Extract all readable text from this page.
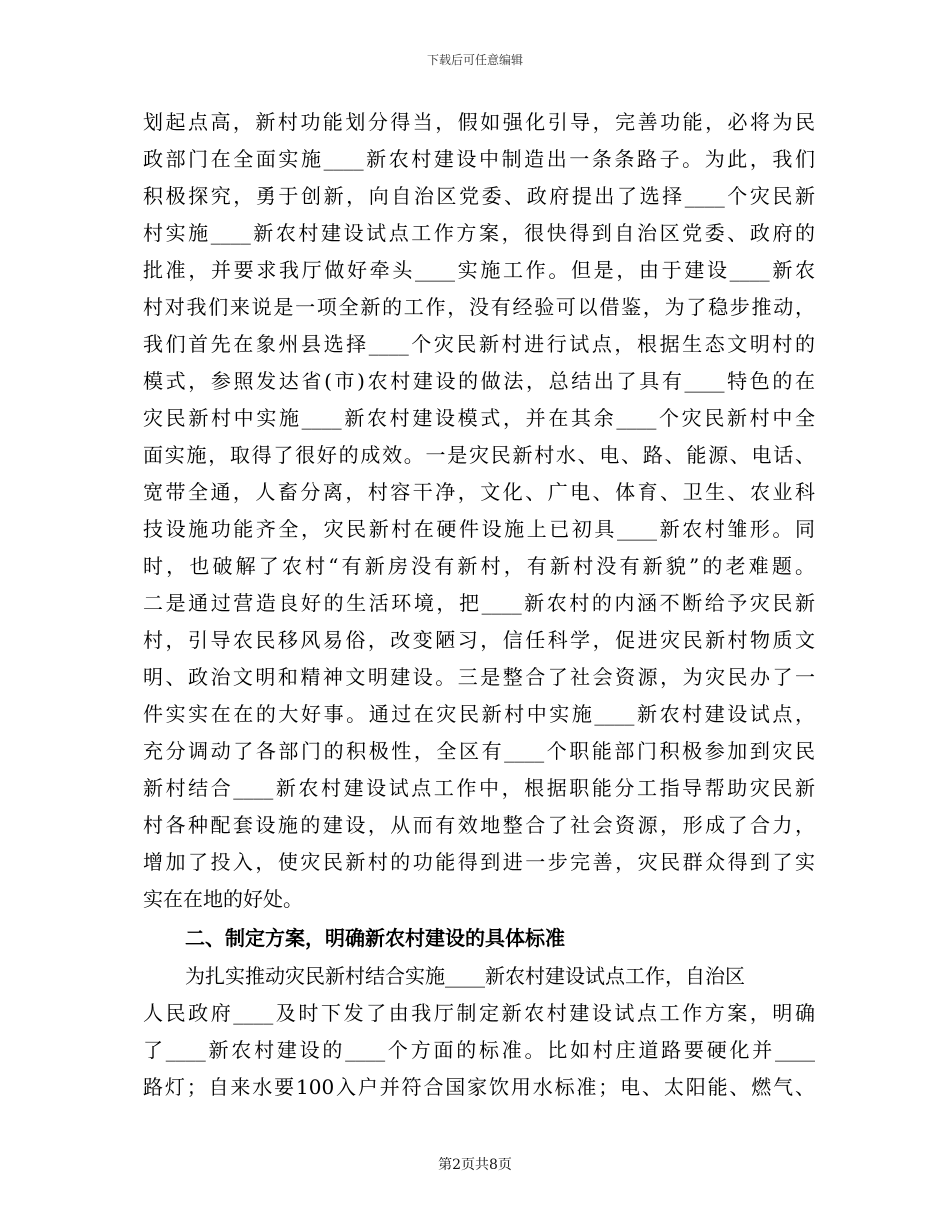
下载后可任意编辑
划起点高，新村功能划分得当，假如强化引导，完善功能，必将为民
政部门在全面实施____新农村建设中制造出一条条路子。为此，我们
积极探究，勇于创新，向自治区党委、政府提出了选择____个灾民新
村实施____新农村建设试点工作方案，很快得到自治区党委、政府的
批准，并要求我厅做好牵头____实施工作。但是，由于建设____新农
村对我们来说是一项全新的工作，没有经验可以借鉴，为了稳步推动，
我们首先在象州县选择____个灾民新村进行试点，根据生态文明村的
模式，参照发达省(市)农村建设的做法，总结出了具有____特色的在
灾民新村中实施____新农村建设模式，并在其余____个灾民新村中全
面实施，取得了很好的成效。一是灾民新村水、电、路、能源、电话、
宽带全通，人畜分离，村容干净，文化、广电、体育、卫生、农业科
技设施功能齐全，灾民新村在硬件设施上已初具____新农村雏形。同
时，也破解了农村“有新房没有新村，有新村没有新貌”的老难题。
二是通过营造良好的生活环境，把____新农村的内涵不断给予灾民新
村，引导农民移风易俗，改变陋习，信任科学，促进灾民新村物质文
明、政治文明和精神文明建设。三是整合了社会资源，为灾民办了一
件实实在在的大好事。通过在灾民新村中实施____新农村建设试点，
充分调动了各部门的积极性，全区有____个职能部门积极参加到灾民
新村结合____新农村建设试点工作中，根据职能分工指导帮助灾民新
村各种配套设施的建设，从而有效地整合了社会资源，形成了合力，
增加了投入，使灾民新村的功能得到进一步完善，灾民群众得到了实
实在在地的好处。
二、制定方案，明确新农村建设的具体标准
为扎实推动灾民新村结合实施____新农村建设试点工作，自治区
人民政府____及时下发了由我厅制定新农村建设试点工作方案，明确
了____新农村建设的____个方面的标准。比如村庄道路要硬化并____
路灯；自来水要100入户并符合国家饮用水标准；电、太阳能、燃气、
第2页共8页
